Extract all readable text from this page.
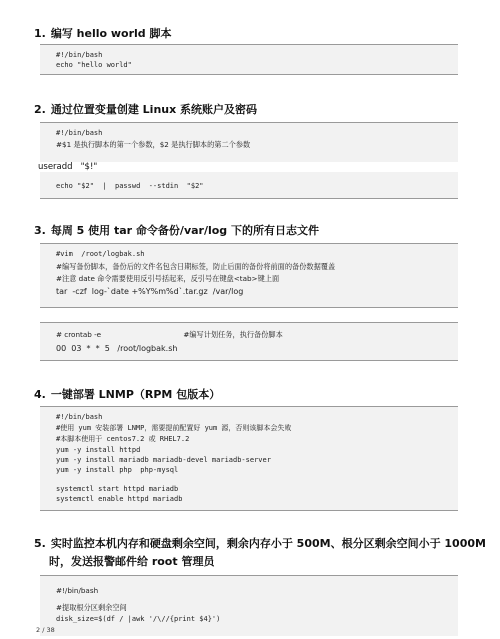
1. 编写 hello world 脚本
#!/bin/bash
echo "hello world"
2. 通过位置变量创建 Linux 系统账户及密码
#!/bin/bash
#$1 是执行脚本的第一个参数，$2 是执行脚本的第二个参数
echo "$2"  |  passwd  --stdin  "$2"
useradd   "$!"
3. 每周 5 使用 tar 命令备份/var/log 下的所有日志文件
#vim  /root/logbak.sh
#编写备份脚本，备份后的文件名包含日期标签，防止后面的备份将前面的备份数据覆盖
#注意 date 命令需要使用反引号括起来，反引号在键盘<tab>键上面
tar  -czf  log-`date +%Y%m%d`.tar.gz  /var/log
# crontab -e                                    #编写计划任务，执行备份脚本
00  03  *  *  5   /root/logbak.sh
4. 一键部署 LNMP（RPM 包版本）
#!/bin/bash
#使用 yum 安装部署 LNMP，需要提前配置好 yum 源，否则该脚本会失败
#本脚本使用于 centos7.2 或 RHEL7.2
yum -y install httpd
yum -y install mariadb mariadb-devel mariadb-server
yum -y install php  php-mysql
systemctl start httpd mariadb
systemctl enable httpd mariadb
5. 实时监控本机内存和硬盘剩余空间，剩余内存小于 500M、根分区剩余空间小于 1000M
时，发送报警邮件给 root 管理员
#!/bin/bash
#提取根分区剩余空间
disk_size=$(df / |awk '/\//{print $4}')
2 / 38
